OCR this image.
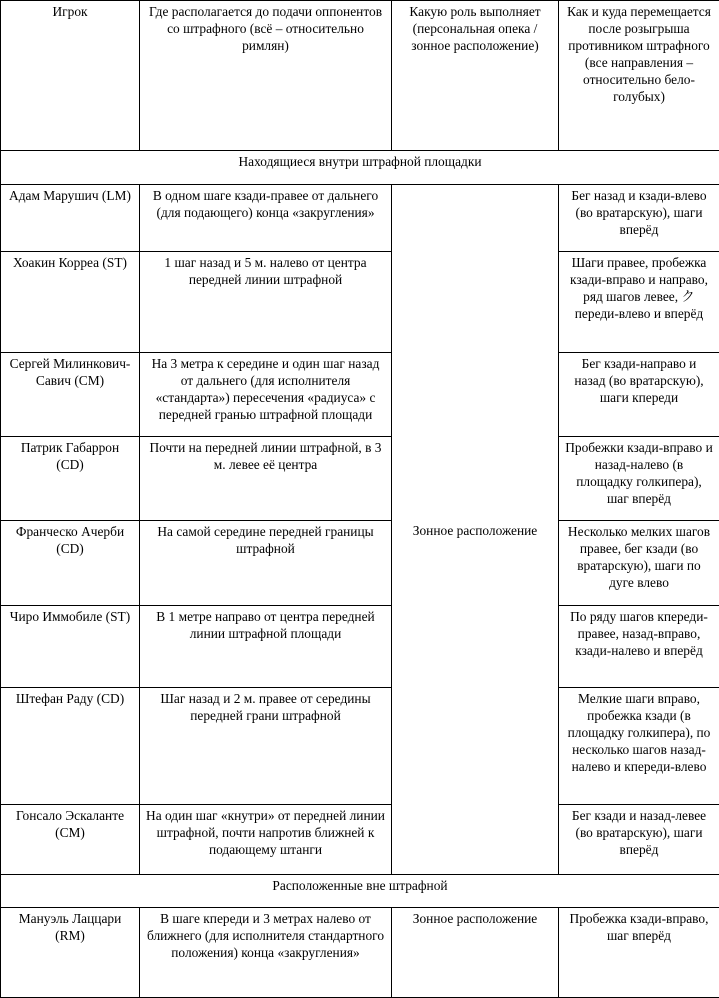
Игрок	Где располагается до подачи оппонентов со штрафного (всё – относительно римлян)	Какую роль выполняет (персональная опека / зонное расположение)	Как и куда перемещается после розыгрыша противником штрафного (все направления – относительно бело-голубых)
Находящиеся внутри штрафной площадки			
Адам Марушич (LM)	В одном шаге кзади-правее от дальнего (для подающего) конца «закругления»	Зонное расположение	Бег назад и кзади-влево (во вратарскую), шаги вперёд
Хоакин Корреа (ST)	1 шаг назад и 5 м. налево от центра передней линии штрафной		Шаги правее, пробежка кзади-вправо и направо, ряд шагов левее, クпереди-влево и вперёд
Сергей Милинкович-Савич (CM)	На 3 метра к середине и один шаг назад от дальнего (для исполнителя «стандарта») пересечения «радиуса» с передней гранью штрафной площади		Бег кзади-направо и назад (во вратарскую), шаги кпереди
Патрик Габаррон (CD)	Почти на передней линии штрафной, в 3 м. левее её центра		Пробежки кзади-вправо и назад-налево (в площадку голкипера), шаг вперёд
Франческо Ачерби (CD)	На самой середине передней границы штрафной		Несколько мелких шагов правее, бег кзади (во вратарскую), шаги по дуге влево
Чиро Иммобиле (ST)	В 1 метре направо от центра передней линии штрафной площади		По ряду шагов кпереди-правее, назад-вправо, кзади-налево и вперёд
Штефан Раду (CD)	Шаг назад и 2 м. правее от середины передней грани штрафной		Мелкие шаги вправо, пробежка кзади (в площадку голкипера), по несколько шагов назад-налево и кпереди-влево
Гонсало Эскаланте (CM)	На один шаг «кнутри» от передней линии штрафной, почти напротив ближней к подающему штанги		Бег кзади и назад-левее (во вратарскую), шаги вперёд
Расположенные вне штрафной			
Мануэль Лаццари (RM)	В шаге кпереди и 3 метрах налево от ближнего (для исполнителя стандартного положения) конца «закругления»	Зонное расположение	Пробежка кзади-вправо, шаг вперёд
